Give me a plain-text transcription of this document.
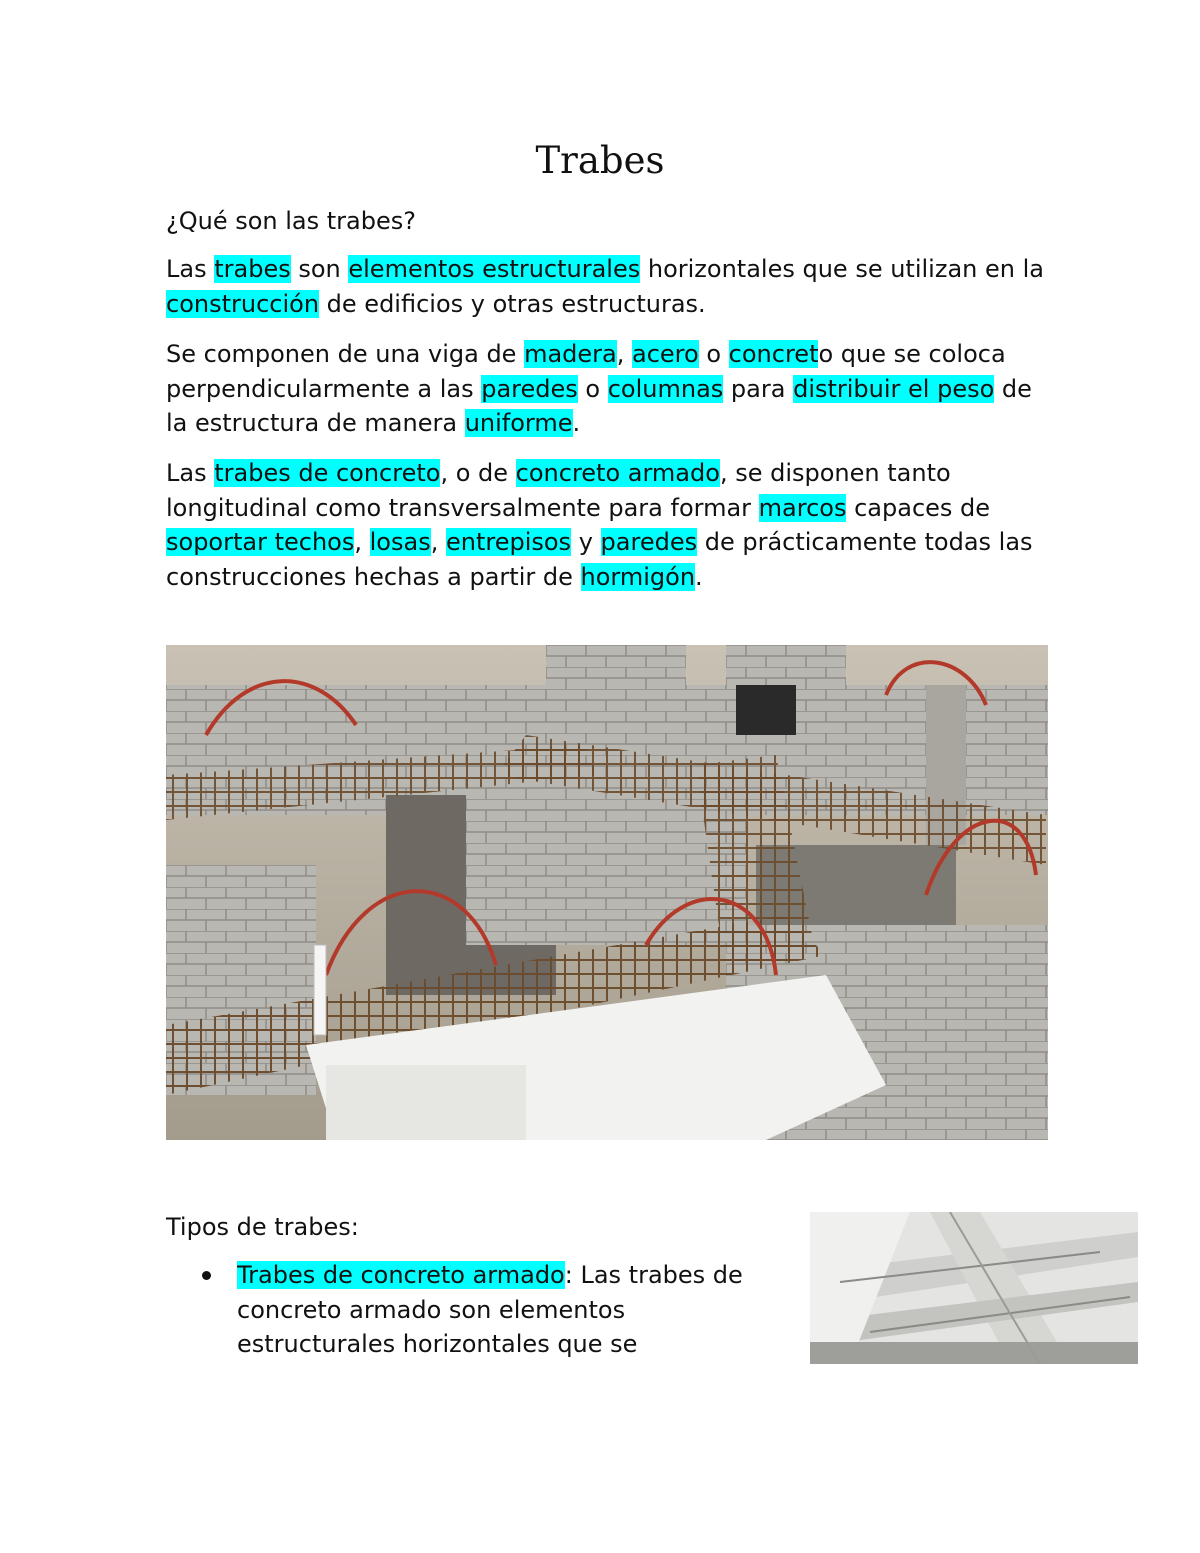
Trabes

¿Qué son las trabes?

Las trabes son elementos estructurales horizontales que se utilizan en la construcción de edificios y otras estructuras.

Se componen de una viga de madera, acero o concreto que se coloca perpendicularmente a las paredes o columnas para distribuir el peso de la estructura de manera uniforme.

Las trabes de concreto, o de concreto armado, se disponen tanto longitudinal como transversalmente para formar marcos capaces de soportar techos, losas, entrepisos y paredes de prácticamente todas las construcciones hechas a partir de hormigón.

Tipos de trabes:

Trabes de concreto armado: Las trabes de concreto armado son elementos estructurales horizontales que se
